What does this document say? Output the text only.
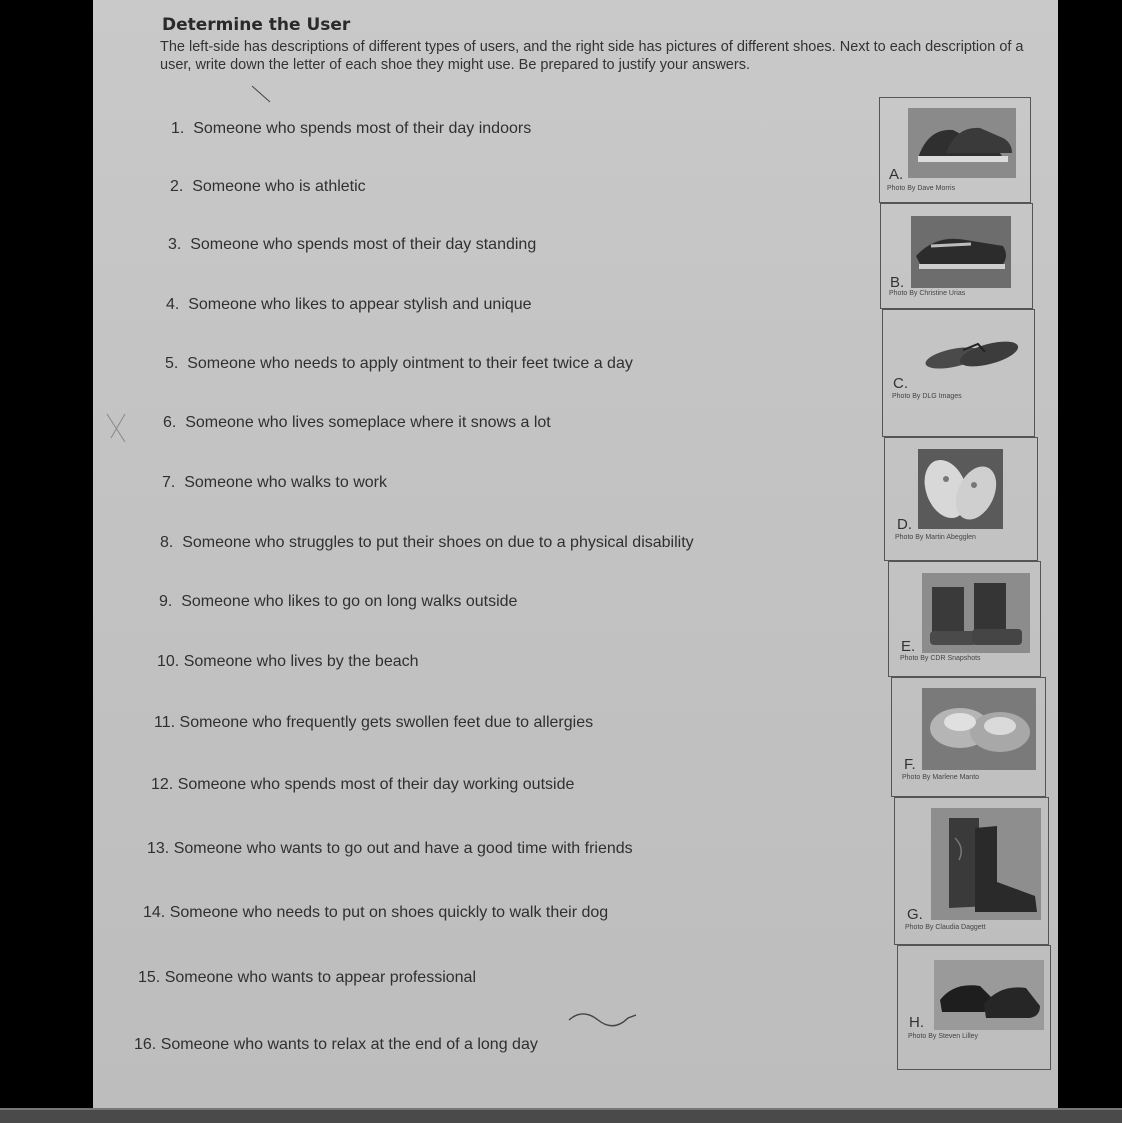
Determine the User
The left-side has descriptions of different types of users, and the right side has pictures of different shoes. Next to each description of a user, write down the letter of each shoe they might use. Be prepared to justify your answers.
1. Someone who spends most of their day indoors
2. Someone who is athletic
3. Someone who spends most of their day standing
4. Someone who likes to appear stylish and unique
5. Someone who needs to apply ointment to their feet twice a day
6. Someone who lives someplace where it snows a lot
7. Someone who walks to work
8. Someone who struggles to put their shoes on due to a physical disability
9. Someone who likes to go on long walks outside
10. Someone who lives by the beach
11. Someone who frequently gets swollen feet due to allergies
12. Someone who spends most of their day working outside
13. Someone who wants to go out and have a good time with friends
14. Someone who needs to put on shoes quickly to walk their dog
15. Someone who wants to appear professional
16. Someone who wants to relax at the end of a long day
A.
Photo By Dave Morris
B.
Photo By Christine Urias
C.
Photo By DLG Images
D.
Photo By Martin Abegglen
E.
Photo By CDR Snapshots
F.
Photo By Marlene Manto
G.
Photo By Claudia Daggett
H.
Photo By Steven Lilley
